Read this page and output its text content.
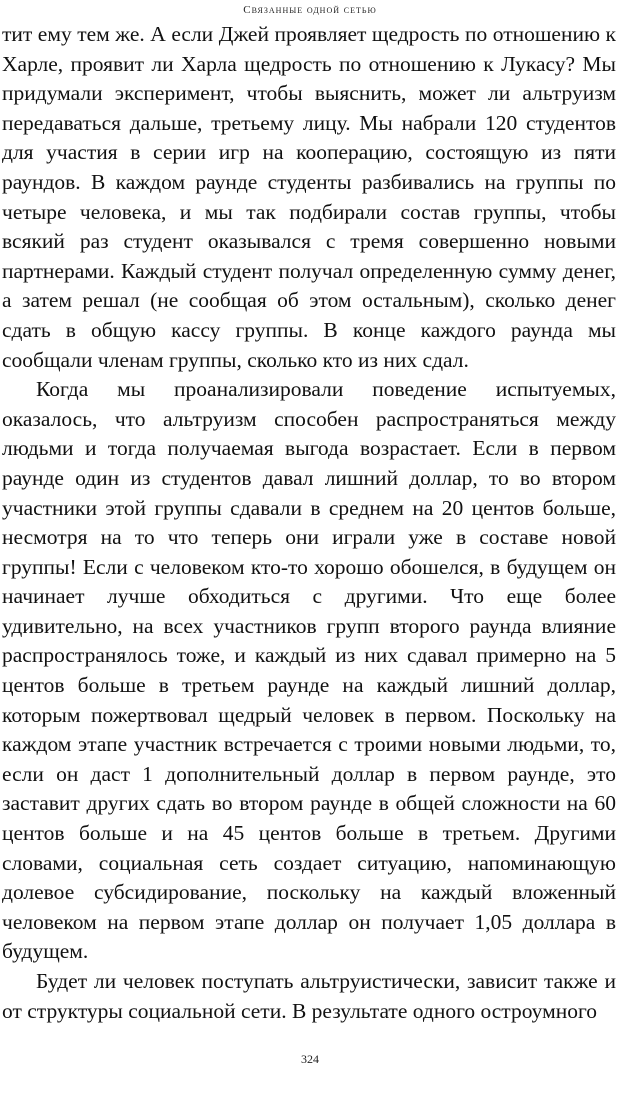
Связанные одной сетью

тит ему тем же. А если Джей проявляет щедрость по отношению к Харле, проявит ли Харла щедрость по отношению к Лукасу? Мы придумали эксперимент, чтобы выяснить, может ли альтруизм передаваться дальше, третьему лицу. Мы набрали 120 студентов для участия в серии игр на кооперацию, состоящую из пяти раундов. В каждом раунде студенты разбивались на группы по четыре человека, и мы так подбирали состав группы, чтобы всякий раз студент оказывался с тремя совершенно новыми партнерами. Каждый студент получал определенную сумму денег, а затем решал (не сообщая об этом остальным), сколько денег сдать в общую кассу группы. В конце каждого раунда мы сообщали членам группы, сколько кто из них сдал.

Когда мы проанализировали поведение испытуемых, оказалось, что альтруизм способен распространяться между людьми и тогда получаемая выгода возрастает. Если в первом раунде один из студентов давал лишний доллар, то во втором участники этой группы сдавали в среднем на 20 центов больше, несмотря на то что теперь они играли уже в составе новой группы! Если с человеком кто-то хорошо обошелся, в будущем он начинает лучше обходиться с другими. Что еще более удивительно, на всех участников групп второго раунда влияние распространялось тоже, и каждый из них сдавал примерно на 5 центов больше в третьем раунде на каждый лишний доллар, которым пожертвовал щедрый человек в первом. Поскольку на каждом этапе участник встречается с троими новыми людьми, то, если он даст 1 дополнительный доллар в первом раунде, это заставит других сдать во втором раунде в общей сложности на 60 центов больше и на 45 центов больше в третьем. Другими словами, социальная сеть создает ситуацию, напоминающую долевое субсидирование, поскольку на каждый вложенный человеком на первом этапе доллар он получает 1,05 доллара в будущем.

Будет ли человек поступать альтруистически, зависит также и от структуры социальной сети. В результате одного остроумного

324
